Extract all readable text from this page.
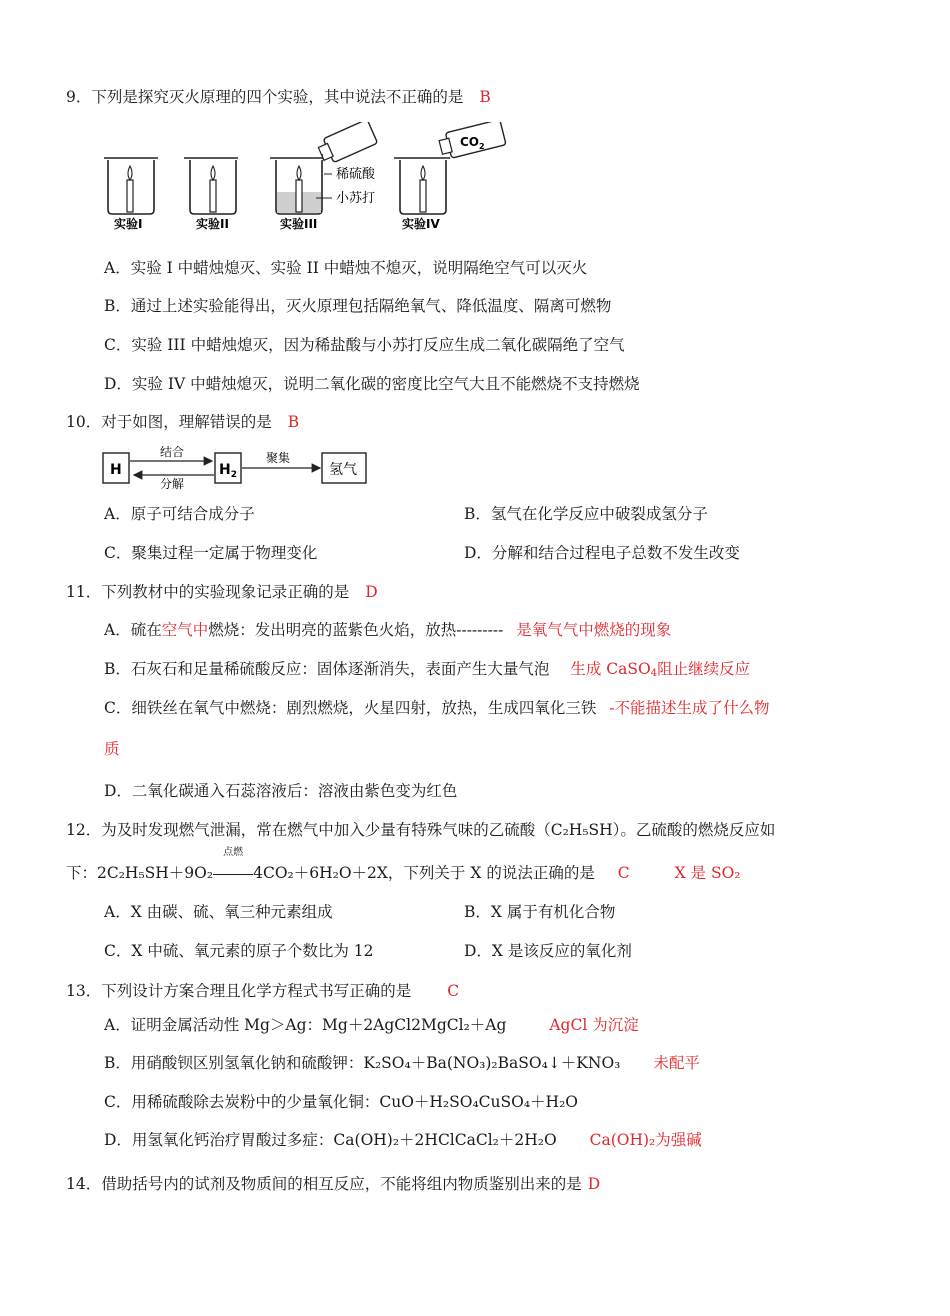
9．下列是探究灭火原理的四个实验，其中说法不正确的是 B
稀硫酸
小苏打
$CO_2$
实验I	实验II	实验III	实验IV
A．实验 I 中蜡烛熄灭、实验 II 中蜡烛不熄灭，说明隔绝空气可以灭火
B．通过上述实验能得出，灭火原理包括隔绝氧气、降低温度、隔离可燃物
C．实验 III 中蜡烛熄灭，因为稀盐酸与小苏打反应生成二氧化碳隔绝了空气
D．实验 IV 中蜡烛熄灭，说明二氧化碳的密度比空气大且不能燃烧不支持燃烧
10．对于如图，理解错误的是 B
H
结合
分解
$H_2$
聚集
氢气
A．原子可结合成分子	B．氢气在化学反应中破裂成氢分子
C．聚集过程一定属于物理变化	D．分解和结合过程电子总数不发生改变
11．下列教材中的实验现象记录正确的是 D
A．硫在空气中燃烧：发出明亮的蓝紫色火焰，放热--------- 是氧气气中燃烧的现象
B．石灰石和足量稀硫酸反应：固体逐渐消失，表面产生大量气泡 生成 CaSO$_4$阻止继续反应
C．细铁丝在氧气中燃烧：剧烈燃烧，火星四射，放热，生成四氧化三铁 -不能描述生成了什么物
质
D．二氧化碳通入石蕊溶液后：溶液由紫色变为红色
12．为及时发现燃气泄漏，常在燃气中加入少量有特殊气味的乙硫酸（C₂H₅SH）。乙硫酸的燃烧反应如
下：2C₂H₅SH＋9O₂
点燃
4CO₂＋6H₂O＋2X，下列关于 X 的说法正确的是 C	X 是 SO₂
A．X 由碳、硫、氧三种元素组成	B．X 属于有机化合物
C．X 中硫、氧元素的原子个数比为 12	D．X 是该反应的氧化剂
13．下列设计方案合理且化学方程式书写正确的是 C
A．证明金属活动性 Mg＞Ag：Mg＋2AgCl2MgCl₂＋Ag	AgCl 为沉淀
B．用硝酸钡区别氢氧化钠和硫酸钾：K₂SO₄＋Ba(NO₃)₂BaSO₄↓＋KNO₃ 未配平
C．用稀硫酸除去炭粉中的少量氧化铜：CuO＋H₂SO₄CuSO₄＋H₂O
D．用氢氧化钙治疗胃酸过多症：Ca(OH)₂＋2HClCaCl₂＋2H₂O Ca(OH)₂为强碱
14．借助括号内的试剂及物质间的相互反应，不能将组内物质鉴别出来的是 D
